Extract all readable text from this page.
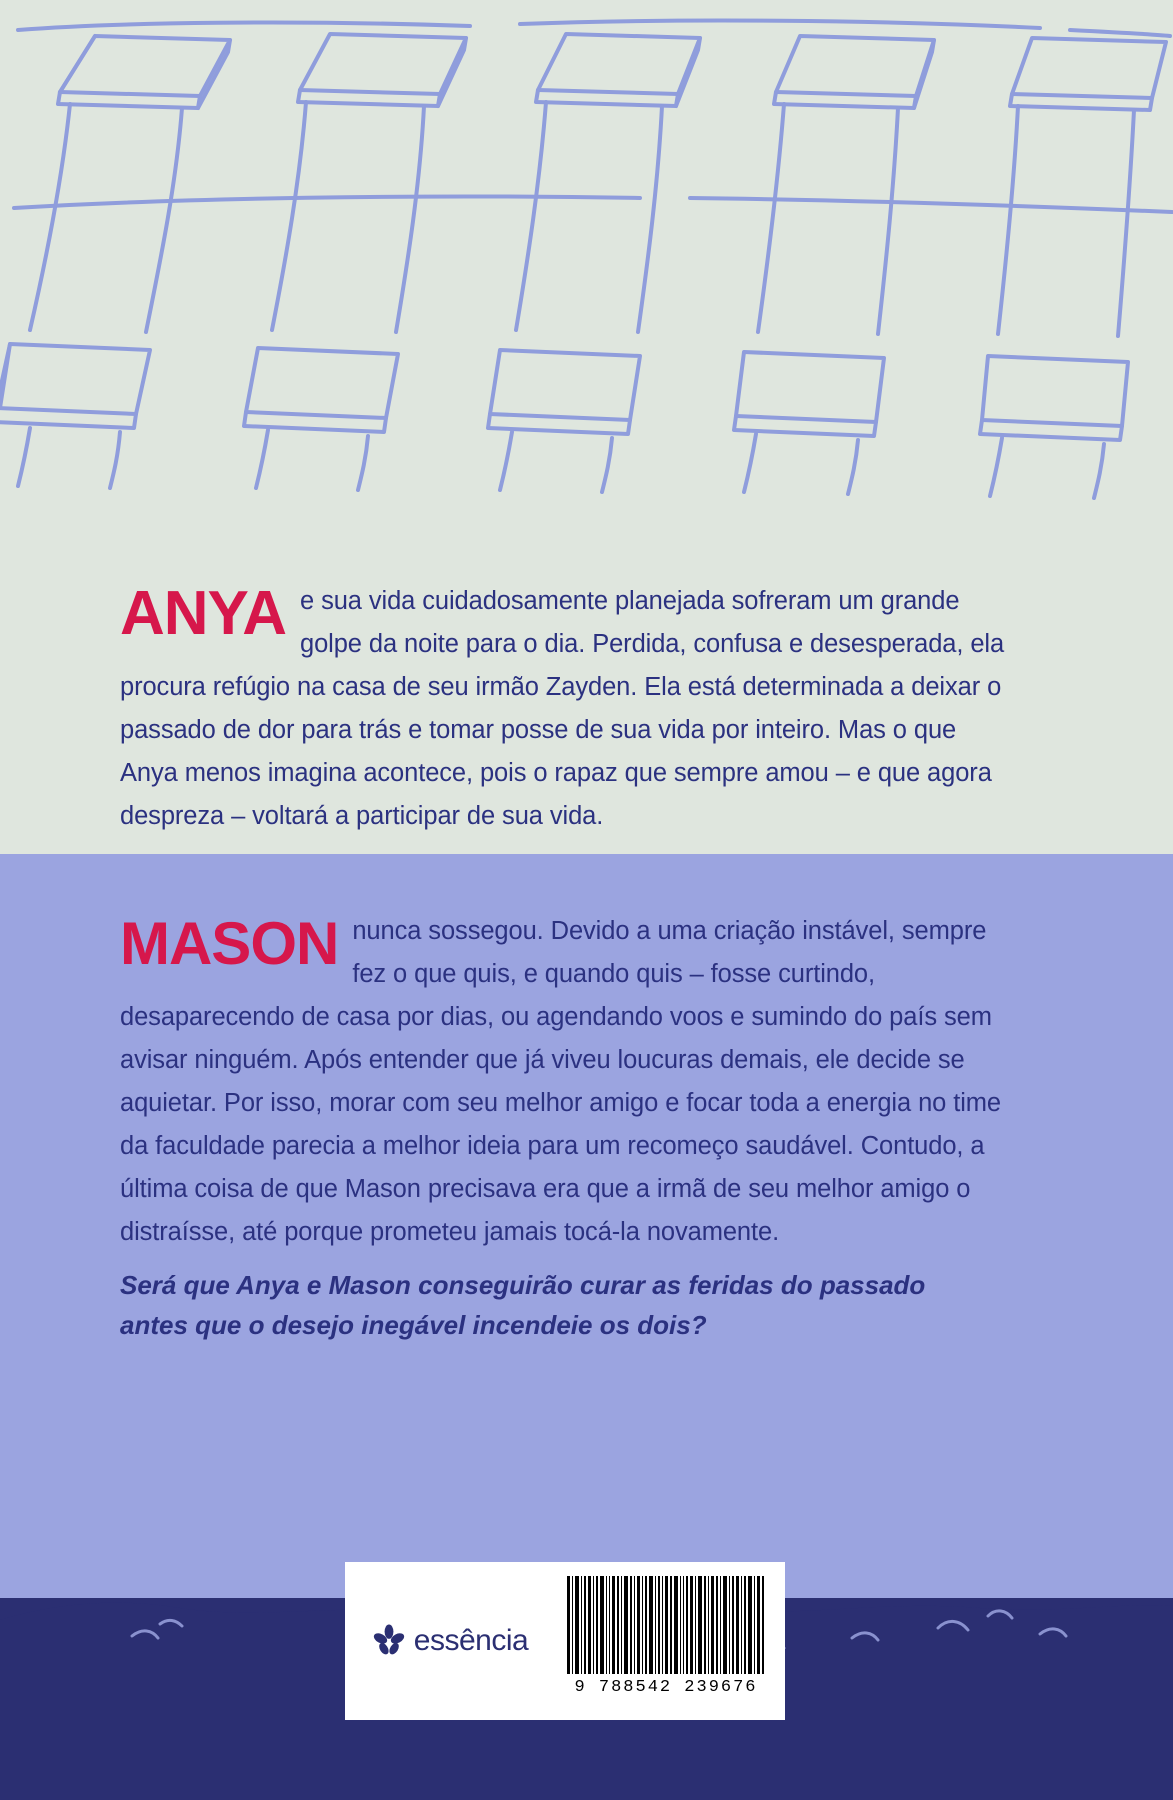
ANYA e sua vida cuidadosamente planejada sofreram um grande golpe da noite para o dia. Perdida, confusa e desesperada, ela procura refúgio na casa de seu irmão Zayden. Ela está determinada a deixar o passado de dor para trás e tomar posse de sua vida por inteiro. Mas o que Anya menos imagina acontece, pois o rapaz que sempre amou – e que agora despreza – voltará a participar de sua vida.
MASON nunca sossegou. Devido a uma criação instável, sempre fez o que quis, e quando quis – fosse curtindo, desaparecendo de casa por dias, ou agendando voos e sumindo do país sem avisar ninguém. Após entender que já viveu loucuras demais, ele decide se aquietar. Por isso, morar com seu melhor amigo e focar toda a energia no time da faculdade parecia a melhor ideia para um recomeço saudável. Contudo, a última coisa de que Mason precisava era que a irmã de seu melhor amigo o distraísse, até porque prometeu jamais tocá-la novamente.
Será que Anya e Mason conseguirão curar as feridas do passado antes que o desejo inegável incendeie os dois?
essência
9 788542 239676
